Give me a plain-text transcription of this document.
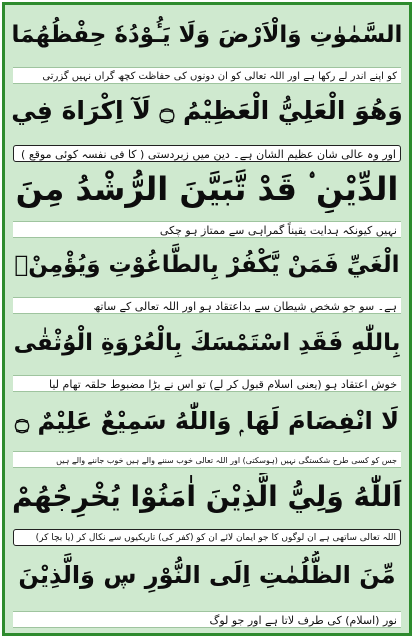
السَّمٰوٰتِ وَالْاَرْضَ وَلَا يَـُٔوْدُهٗ حِفْظُهُمَا
کو اپنے اندر لے رکھا ہے اور اللہ تعالی کو ان دونوں کی حفاظت کچھ گراں نہیں گزرتی
وَهُوَ الْعَلِيُّ الْعَظِيْمُ ۝ لَآ اِكْرَاهَ فِي
اور وہ عالی شان عظیم الشان ہے۔ دین میں زبردستی ( کا فی نفسہ کوئی موقع )
الدِّيْنِ ۟ قَدْ تَّبَيَّنَ الرُّشْدُ مِنَ
نہیں کیونکہ ہدایت یقیناً گمراہی سے ممتاز ہو چکی
الْغَيِّ فَمَنْ يَّكْفُرْ بِالطَّاغُوْتِ وَيُؤْمِنْۢ
ہے۔ سو جو شخص شیطان سے بداعتقاد ہو اور اللہ تعالی کے ساتھ
بِاللّٰهِ فَقَدِ اسْتَمْسَكَ بِالْعُرْوَةِ الْوُثْقٰى
خوش اعتقاد ہو (یعنی اسلام قبول کر لے) تو اس نے بڑا مضبوط حلقہ تھام لیا
لَا انْفِصَامَ لَهَا ۭ وَاللّٰهُ سَمِيْعٌ عَلِيْمٌ ۝
جس کو کسی طرح شکستگی نہیں (ہوسکتی) اور اللہ تعالی خوب سننے والے ہیں خوب جاننے والے ہیں
اَللّٰهُ وَلِيُّ الَّذِيْنَ اٰمَنُوْا يُخْرِجُهُمْ
اللہ تعالی ساتھی ہے ان لوگوں کا جو ایمان لائے ان کو (کفر کی) تاریکیوں سے نکال کر (یا بچا کر)
مِّنَ الظُّلُمٰتِ اِلَى النُّوْرِ ڛ وَالَّذِيْنَ
نور (اسلام) کی طرف لاتا ہے اور جو لوگ
